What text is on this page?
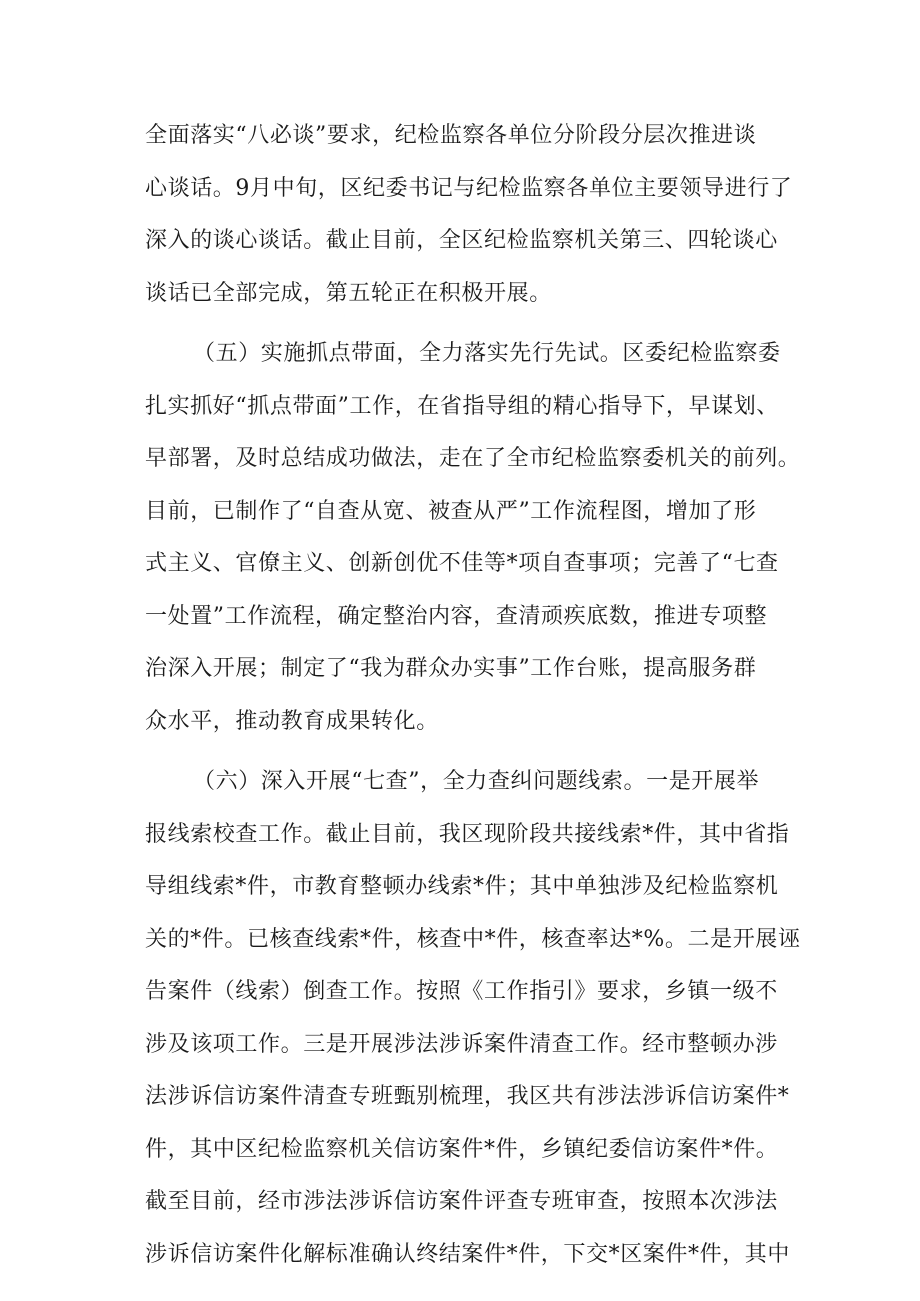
全面落实“八必谈”要求，纪检监察各单位分阶段分层次推进谈
心谈话。9月中旬，区纪委书记与纪检监察各单位主要领导进行了
深入的谈心谈话。截止目前，全区纪检监察机关第三、四轮谈心
谈话已全部完成，第五轮正在积极开展。
（五）实施抓点带面，全力落实先行先试。区委纪检监察委
扎实抓好“抓点带面”工作，在省指导组的精心指导下，早谋划、
早部署，及时总结成功做法，走在了全市纪检监察委机关的前列。
目前，已制作了“自查从宽、被查从严”工作流程图，增加了形
式主义、官僚主义、创新创优不佳等*项自查事项；完善了“七查
一处置”工作流程，确定整治内容，查清顽疾底数，推进专项整
治深入开展；制定了“我为群众办实事”工作台账，提高服务群
众水平，推动教育成果转化。
（六）深入开展“七查”，全力查纠问题线索。一是开展举
报线索校查工作。截止目前，我区现阶段共接线索*件，其中省指
导组线索*件，市教育整顿办线索*件；其中单独涉及纪检监察机
关的*件。已核查线索*件，核查中*件，核查率达*%。二是开展诬
告案件（线索）倒查工作。按照《工作指引》要求，乡镇一级不
涉及该项工作。三是开展涉法涉诉案件清查工作。经市整顿办涉
法涉诉信访案件清查专班甄别梳理，我区共有涉法涉诉信访案件*
件，其中区纪检监察机关信访案件*件，乡镇纪委信访案件*件。
截至目前，经市涉法涉诉信访案件评查专班审查，按照本次涉法
涉诉信访案件化解标准确认终结案件*件，下交*区案件*件，其中
